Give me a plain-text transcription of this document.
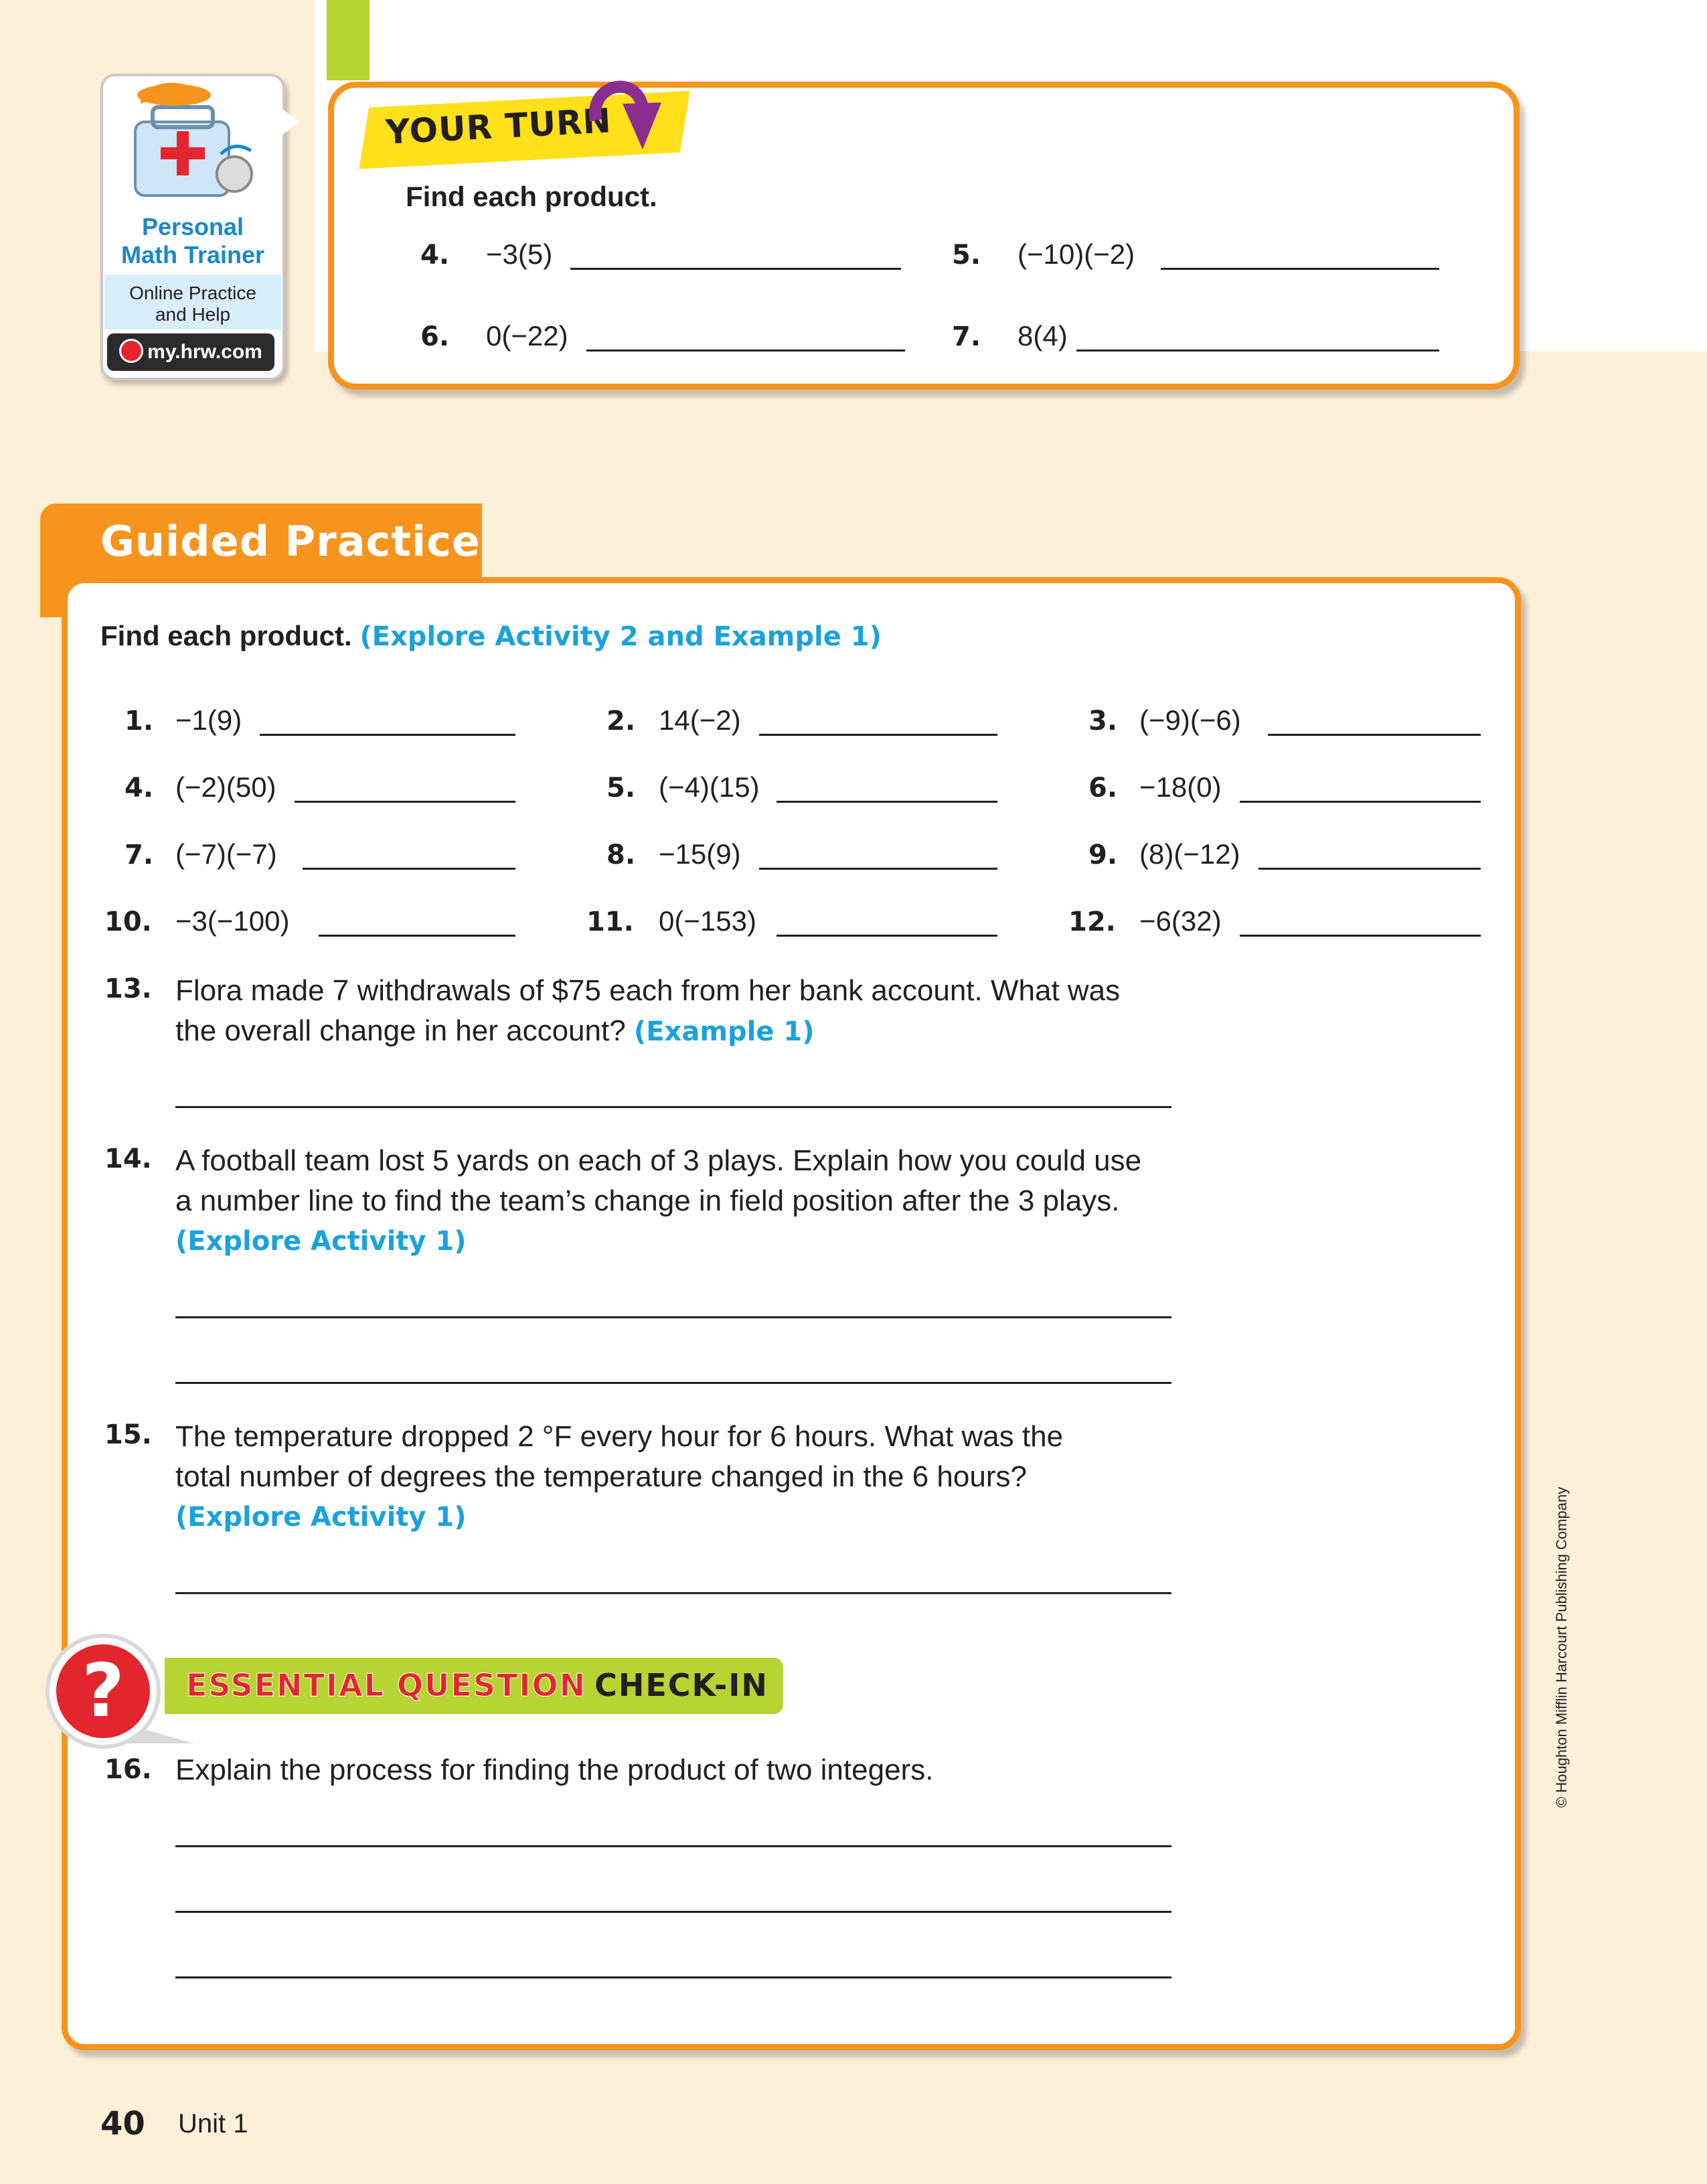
Personal
Math Trainer
Online Practice
and Help
my.hrw.com
YOUR TURN
Find each product.
4. −3(5)	5. (−10)(−2)
6. 0(−22)	7. 8(4)
Guided Practice
Find each product. (Explore Activity 2 and Example 1)
1. −1(9)	2. 14(−2)	3. (−9)(−6)
4. (−2)(50)	5. (−4)(15)	6. −18(0)
7. (−7)(−7)	8. −15(9)	9. (8)(−12)
10. −3(−100)	11. 0(−153)	12. −6(32)
13. Flora made 7 withdrawals of $75 each from her bank account. What was
the overall change in her account? (Example 1)
14. A football team lost 5 yards on each of 3 plays. Explain how you could use
a number line to find the team’s change in field position after the 3 plays.
(Explore Activity 1)
15. The temperature dropped 2 °F every hour for 6 hours. What was the
total number of degrees the temperature changed in the 6 hours?
(Explore Activity 1)
?	ESSENTIAL QUESTION CHECK-IN
16. Explain the process for finding the product of two integers.	© Houghton Mifflin Harcourt Publishing Company
40 Unit 1
